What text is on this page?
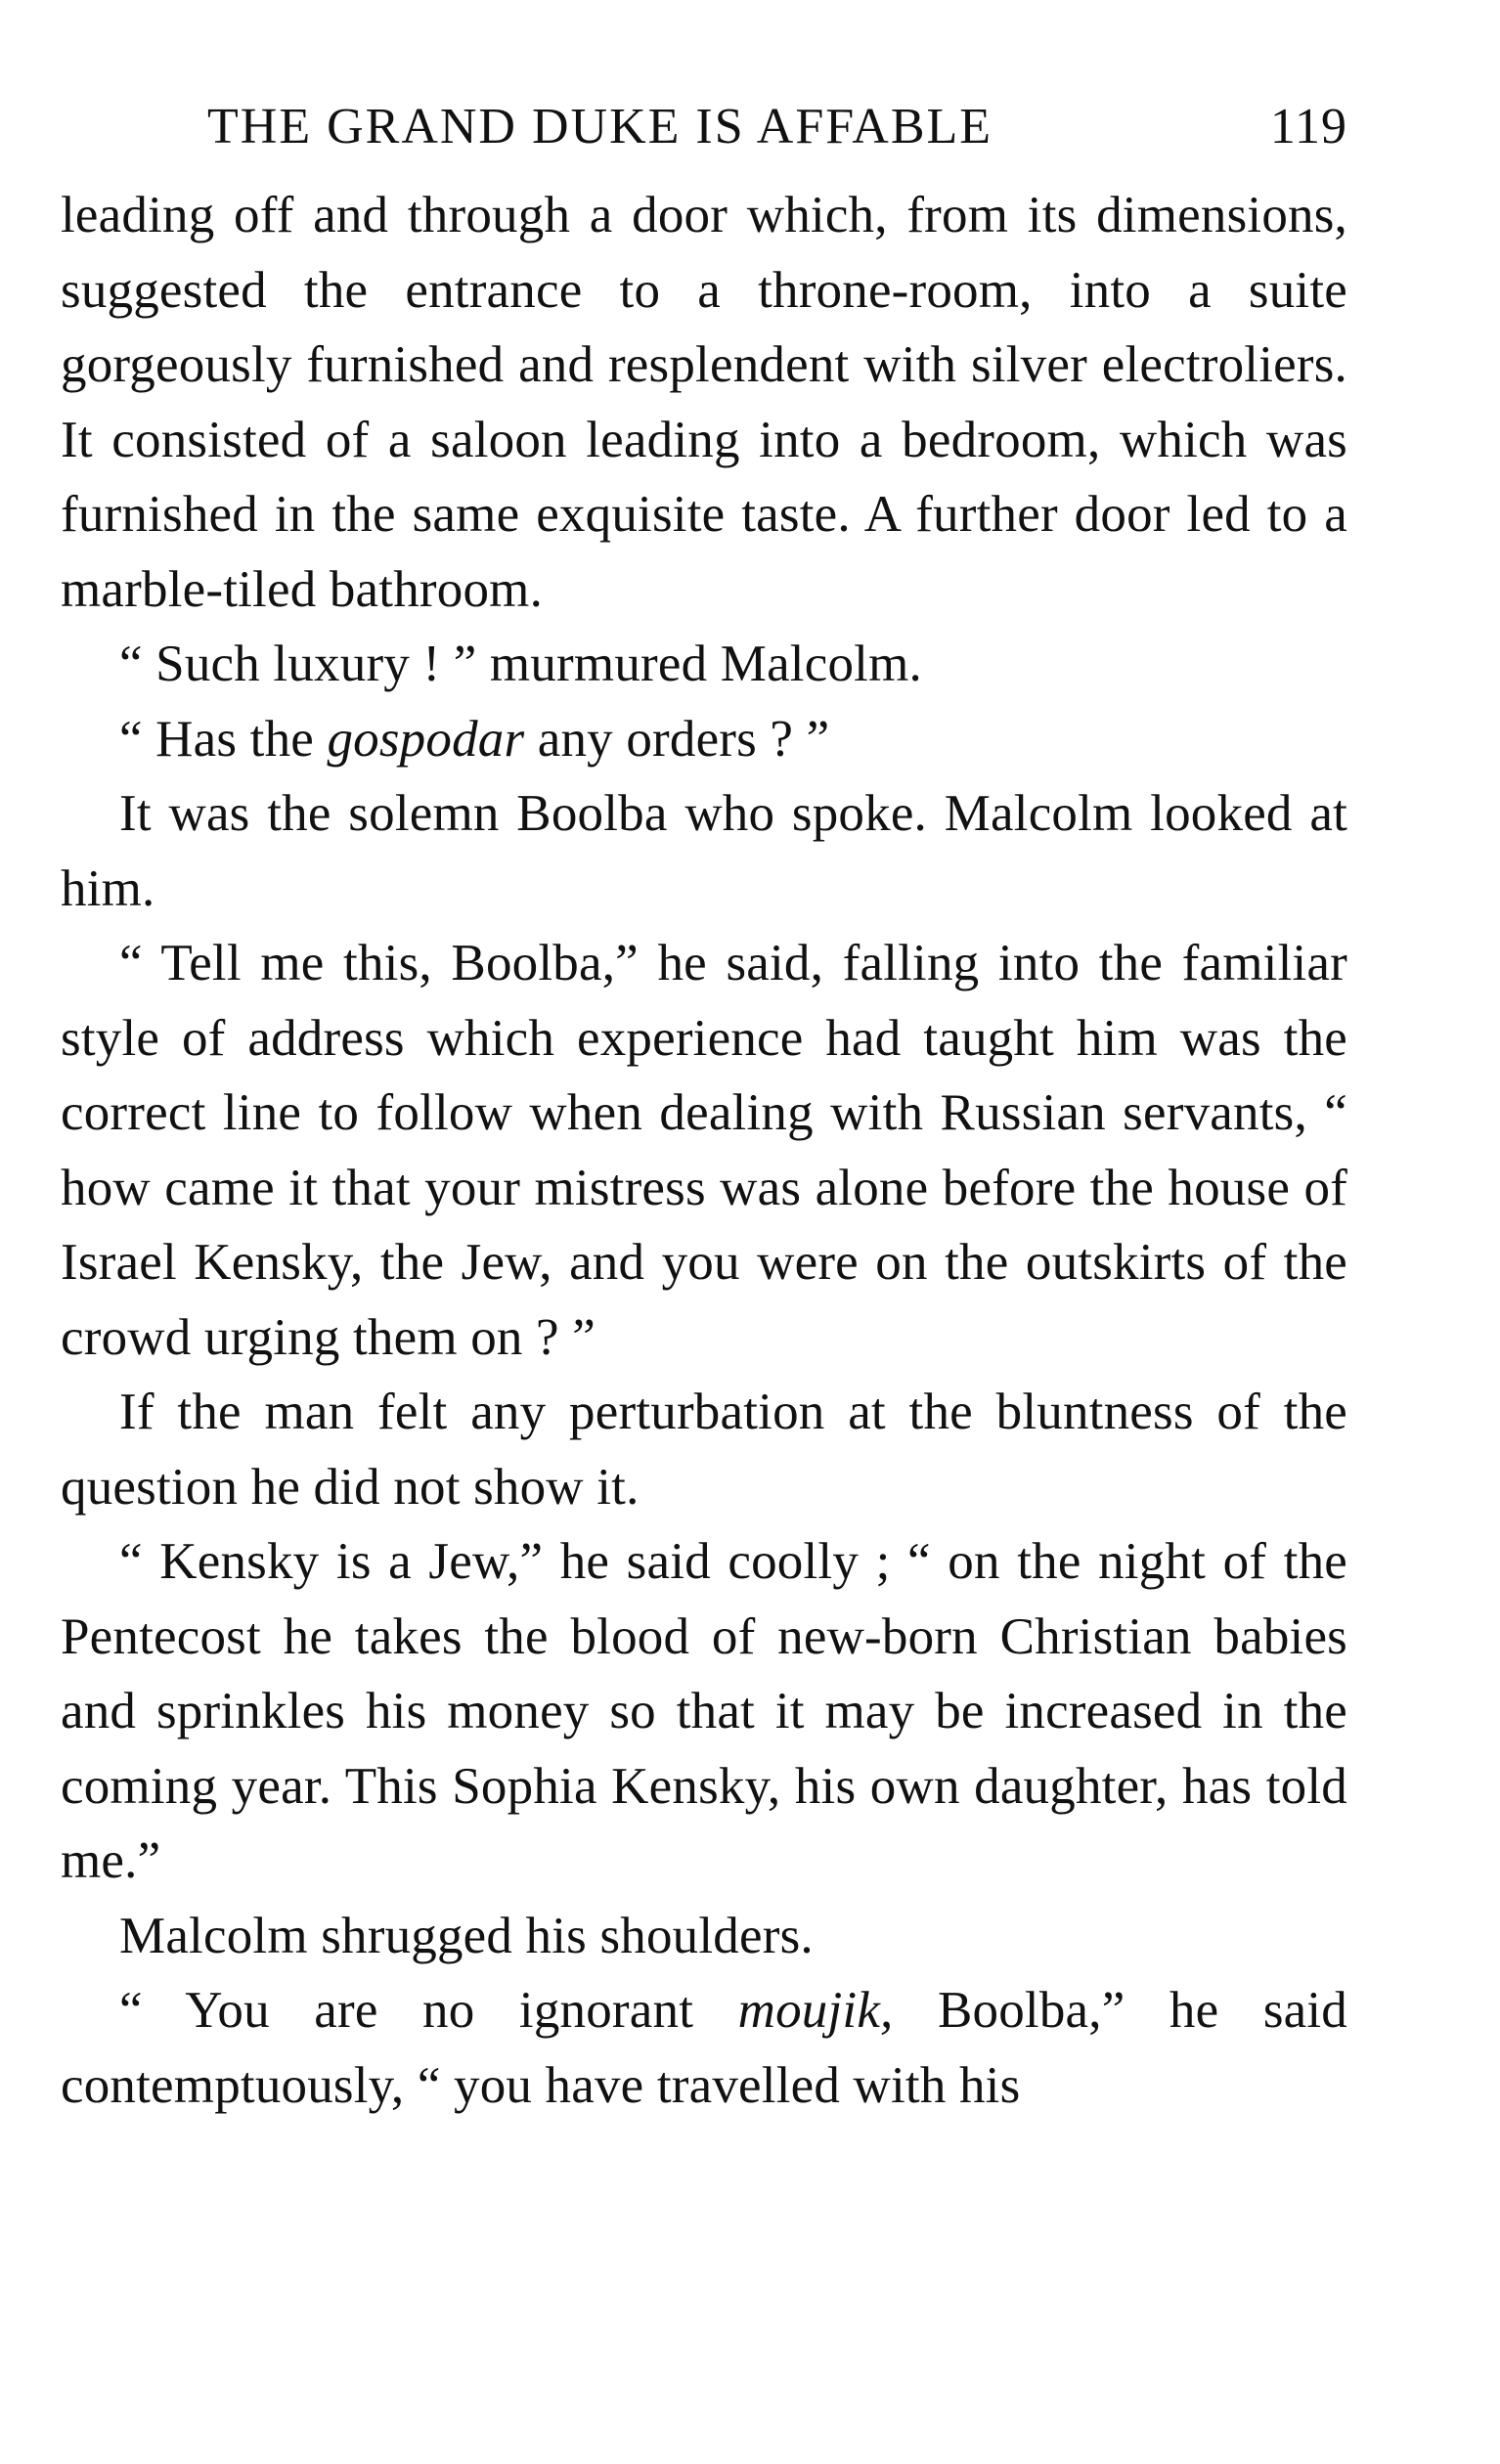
THE GRAND DUKE IS AFFABLE	119

leading off and through a door which, from its dimensions, suggested the entrance to a throne-room, into a suite gorgeously furnished and resplendent with silver electroliers. It consisted of a saloon leading into a bedroom, which was furnished in the same exquisite taste. A further door led to a marble-tiled bathroom.

“ Such luxury ! ” murmured Malcolm.

“ Has the gospodar any orders ? ”

It was the solemn Boolba who spoke. Malcolm looked at him.

“ Tell me this, Boolba,” he said, falling into the familiar style of address which experience had taught him was the correct line to follow when dealing with Russian servants, “ how came it that your mistress was alone before the house of Israel Kensky, the Jew, and you were on the outskirts of the crowd urging them on ? ”

If the man felt any perturbation at the bluntness of the question he did not show it.

“ Kensky is a Jew,” he said coolly ; “ on the night of the Pentecost he takes the blood of new-born Christian babies and sprinkles his money so that it may be increased in the coming year. This Sophia Kensky, his own daughter, has told me.”

Malcolm shrugged his shoulders.

“ You are no ignorant moujik, Boolba,” he said contemptuously, “ you have travelled with his
